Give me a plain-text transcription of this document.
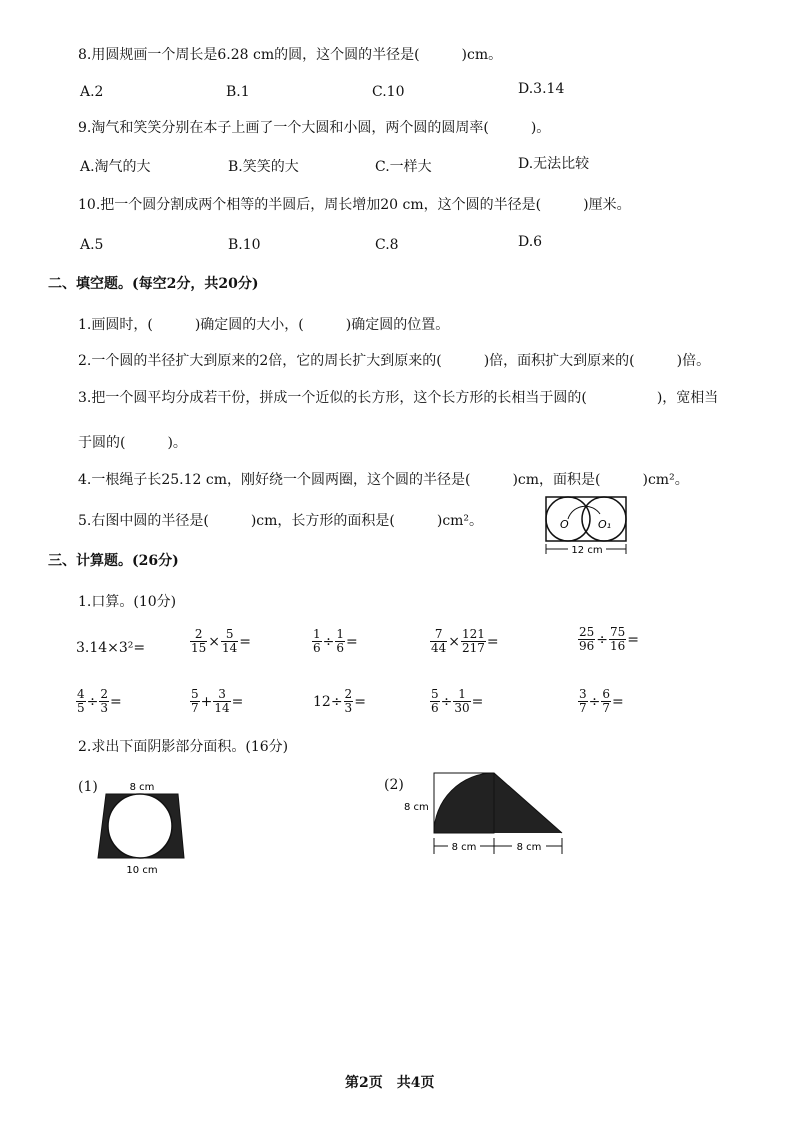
8.用圆规画一个周长是6.28 cm的圆，这个圆的半径是(　　　)cm。
A.2	B.1	C.10	D.3.14
9.淘气和笑笑分别在本子上画了一个大圆和小圆，两个圆的圆周率(　　　)。
A.淘气的大	B.笑笑的大	C.一样大	D.无法比较
10.把一个圆分割成两个相等的半圆后，周长增加20 cm，这个圆的半径是(　　　)厘米。
A.5	B.10	C.8	D.6
二、填空题。(每空2分，共20分)
1.画圆时，(　　　)确定圆的大小，(　　　)确定圆的位置。
2.一个圆的半径扩大到原来的2倍，它的周长扩大到原来的(　　　)倍，面积扩大到原来的(　　　)倍。
3.把一个圆平均分成若干份，拼成一个近似的长方形，这个长方形的长相当于圆的(　　　　　)，宽相当
于圆的(　　　)。
4.一根绳子长25.12 cm，刚好绕一个圆两圈，这个圆的半径是(　　　)cm，面积是(　　　)cm²。
5.右图中圆的半径是(　　　)cm，长方形的面积是(　　　)cm²。	O	O₁
12 cm
三、计算题。(26分)
1.口算。(10分)
3.14×3²=	$\frac{2}{15} \times \frac{5}{14}$ =	$\frac{1}{6} \div \frac{1}{6}$ =	$\frac{7}{44} \times \frac{121}{217}$ =	$\frac{25}{96} \div \frac{75}{16}$ =
$\frac{4}{5} \div \frac{2}{3}$ =	$\frac{5}{7} + \frac{3}{14}$ =	$12\div \frac{2}{3}$ =	$\frac{5}{6} \div \frac{1}{30}$ =	$\frac{3}{7} \div \frac{6}{7}$ =
2.求出下面阴影部分面积。(16分)
(1)	8 cm
10 cm
(2)
8 cm
8 cm	8 cm
第2页　共4页
